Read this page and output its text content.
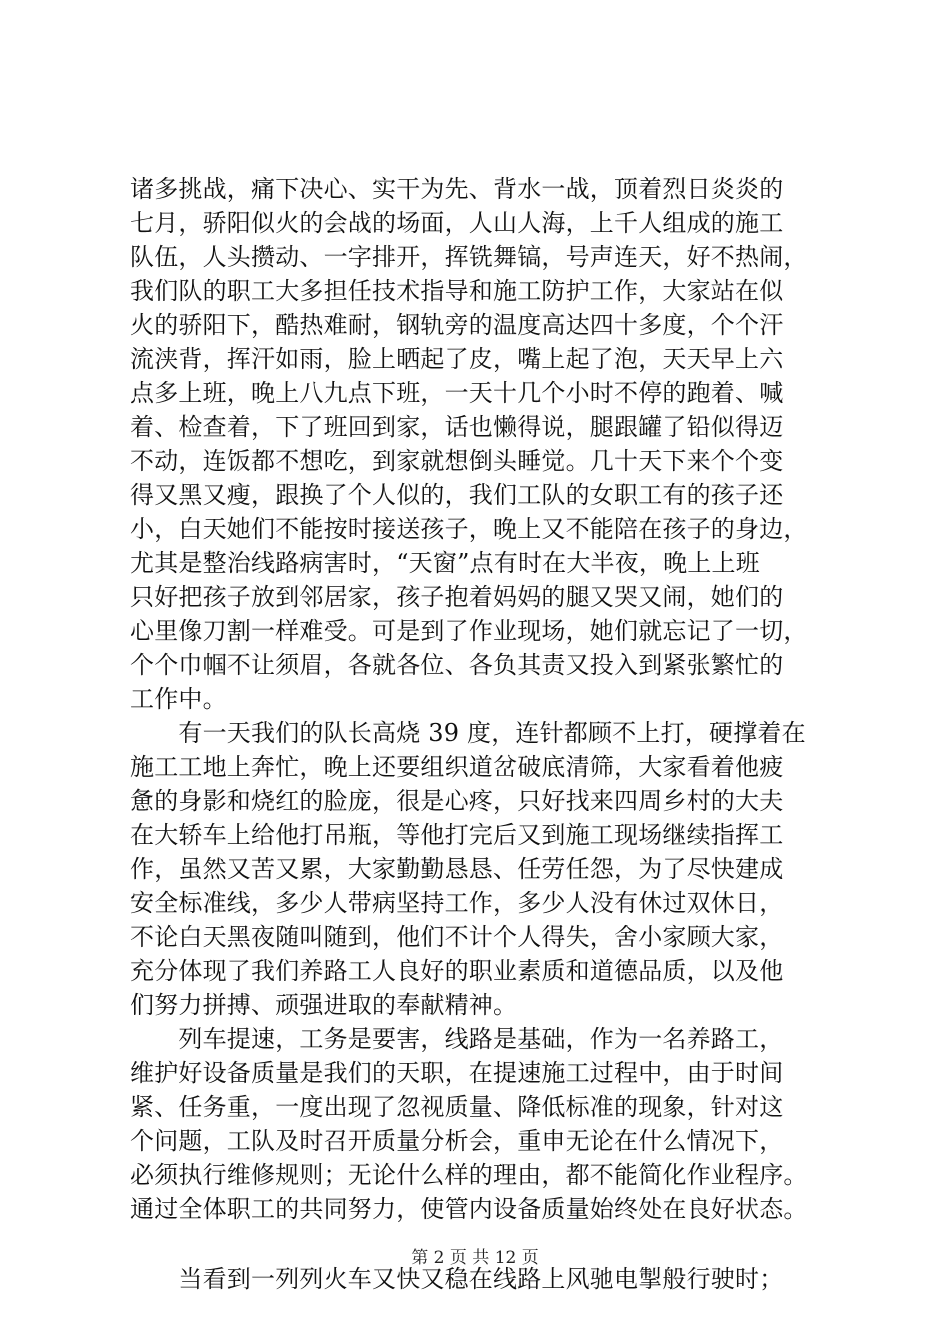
诸多挑战，痛下决心、实干为先、背水一战，顶着烈日炎炎的
七月，骄阳似火的会战的场面，人山人海，上千人组成的施工
队伍，人头攒动、一字排开，挥铣舞镐，号声连天，好不热闹，
我们队的职工大多担任技术指导和施工防护工作，大家站在似
火的骄阳下，酷热难耐，钢轨旁的温度高达四十多度，个个汗
流浃背，挥汗如雨，脸上晒起了皮，嘴上起了泡，天天早上六
点多上班，晚上八九点下班，一天十几个小时不停的跑着、喊
着、检查着，下了班回到家，话也懒得说，腿跟罐了铅似得迈
不动，连饭都不想吃，到家就想倒头睡觉。几十天下来个个变
得又黑又瘦，跟换了个人似的，我们工队的女职工有的孩子还
小，白天她们不能按时接送孩子，晚上又不能陪在孩子的身边，
尤其是整治线路病害时，“天窗”点有时在大半夜，晚上上班
只好把孩子放到邻居家，孩子抱着妈妈的腿又哭又闹，她们的
心里像刀割一样难受。可是到了作业现场，她们就忘记了一切，
个个巾帼不让须眉，各就各位、各负其责又投入到紧张繁忙的
工作中。
　　有一天我们的队长高烧 39 度，连针都顾不上打，硬撑着在
施工工地上奔忙，晚上还要组织道岔破底清筛，大家看着他疲
惫的身影和烧红的脸庞，很是心疼，只好找来四周乡村的大夫
在大轿车上给他打吊瓶，等他打完后又到施工现场继续指挥工
作，虽然又苦又累，大家勤勤恳恳、任劳任怨，为了尽快建成
安全标准线，多少人带病坚持工作，多少人没有休过双休日，
不论白天黑夜随叫随到，他们不计个人得失，舍小家顾大家，
充分体现了我们养路工人良好的职业素质和道德品质，以及他
们努力拼搏、顽强进取的奉献精神。
　　列车提速，工务是要害，线路是基础，作为一名养路工，
维护好设备质量是我们的天职，在提速施工过程中，由于时间
紧、任务重，一度出现了忽视质量、降低标准的现象，针对这
个问题，工队及时召开质量分析会，重申无论在什么情况下，
必须执行维修规则；无论什么样的理由，都不能简化作业程序。
通过全体职工的共同努力，使管内设备质量始终处在良好状态。
　　当看到一列列火车又快又稳在线路上风驰电掣般行驶时；
第 2 页 共 12 页
